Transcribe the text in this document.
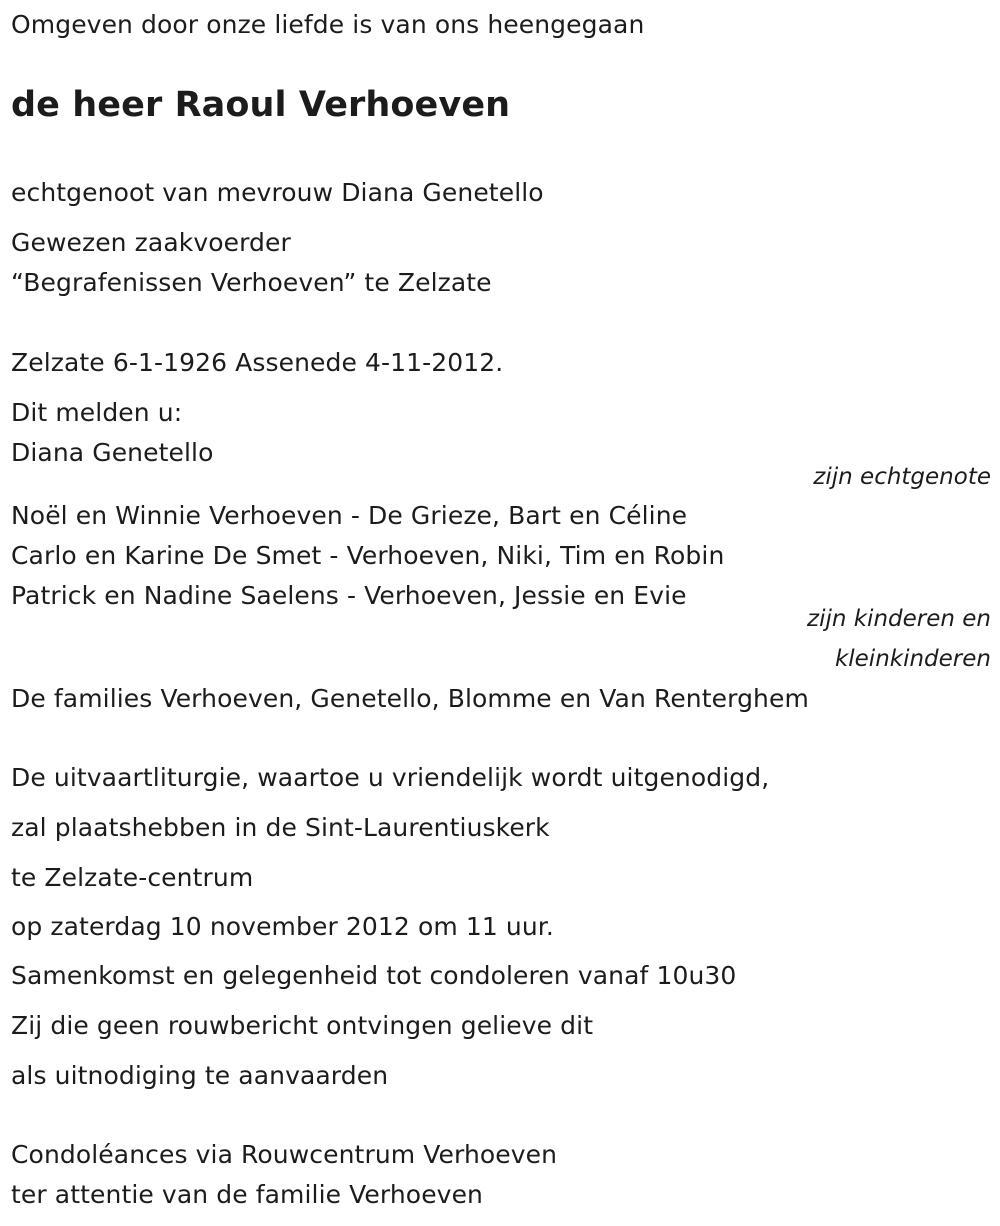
Omgeven door onze liefde is van ons heengegaan
de heer Raoul Verhoeven
echtgenoot van mevrouw Diana Genetello
Gewezen zaakvoerder
“Begrafenissen Verhoeven” te Zelzate
Zelzate 6-1-1926 Assenede 4-11-2012.
Dit melden u:
Diana Genetello
zijn echtgenote
Noël en Winnie Verhoeven - De Grieze, Bart en Céline
Carlo en Karine De Smet - Verhoeven, Niki, Tim en Robin
Patrick en Nadine Saelens - Verhoeven, Jessie en Evie
zijn kinderen en
kleinkinderen
De families Verhoeven, Genetello, Blomme en Van Renterghem
De uitvaartliturgie, waartoe u vriendelijk wordt uitgenodigd,
zal plaatshebben in de Sint-Laurentiuskerk
te Zelzate-centrum
op zaterdag 10 november 2012 om 11 uur.
Samenkomst en gelegenheid tot condoleren vanaf 10u30
Zij die geen rouwbericht ontvingen gelieve dit
als uitnodiging te aanvaarden
Condoléances via Rouwcentrum Verhoeven
ter attentie van de familie Verhoeven
